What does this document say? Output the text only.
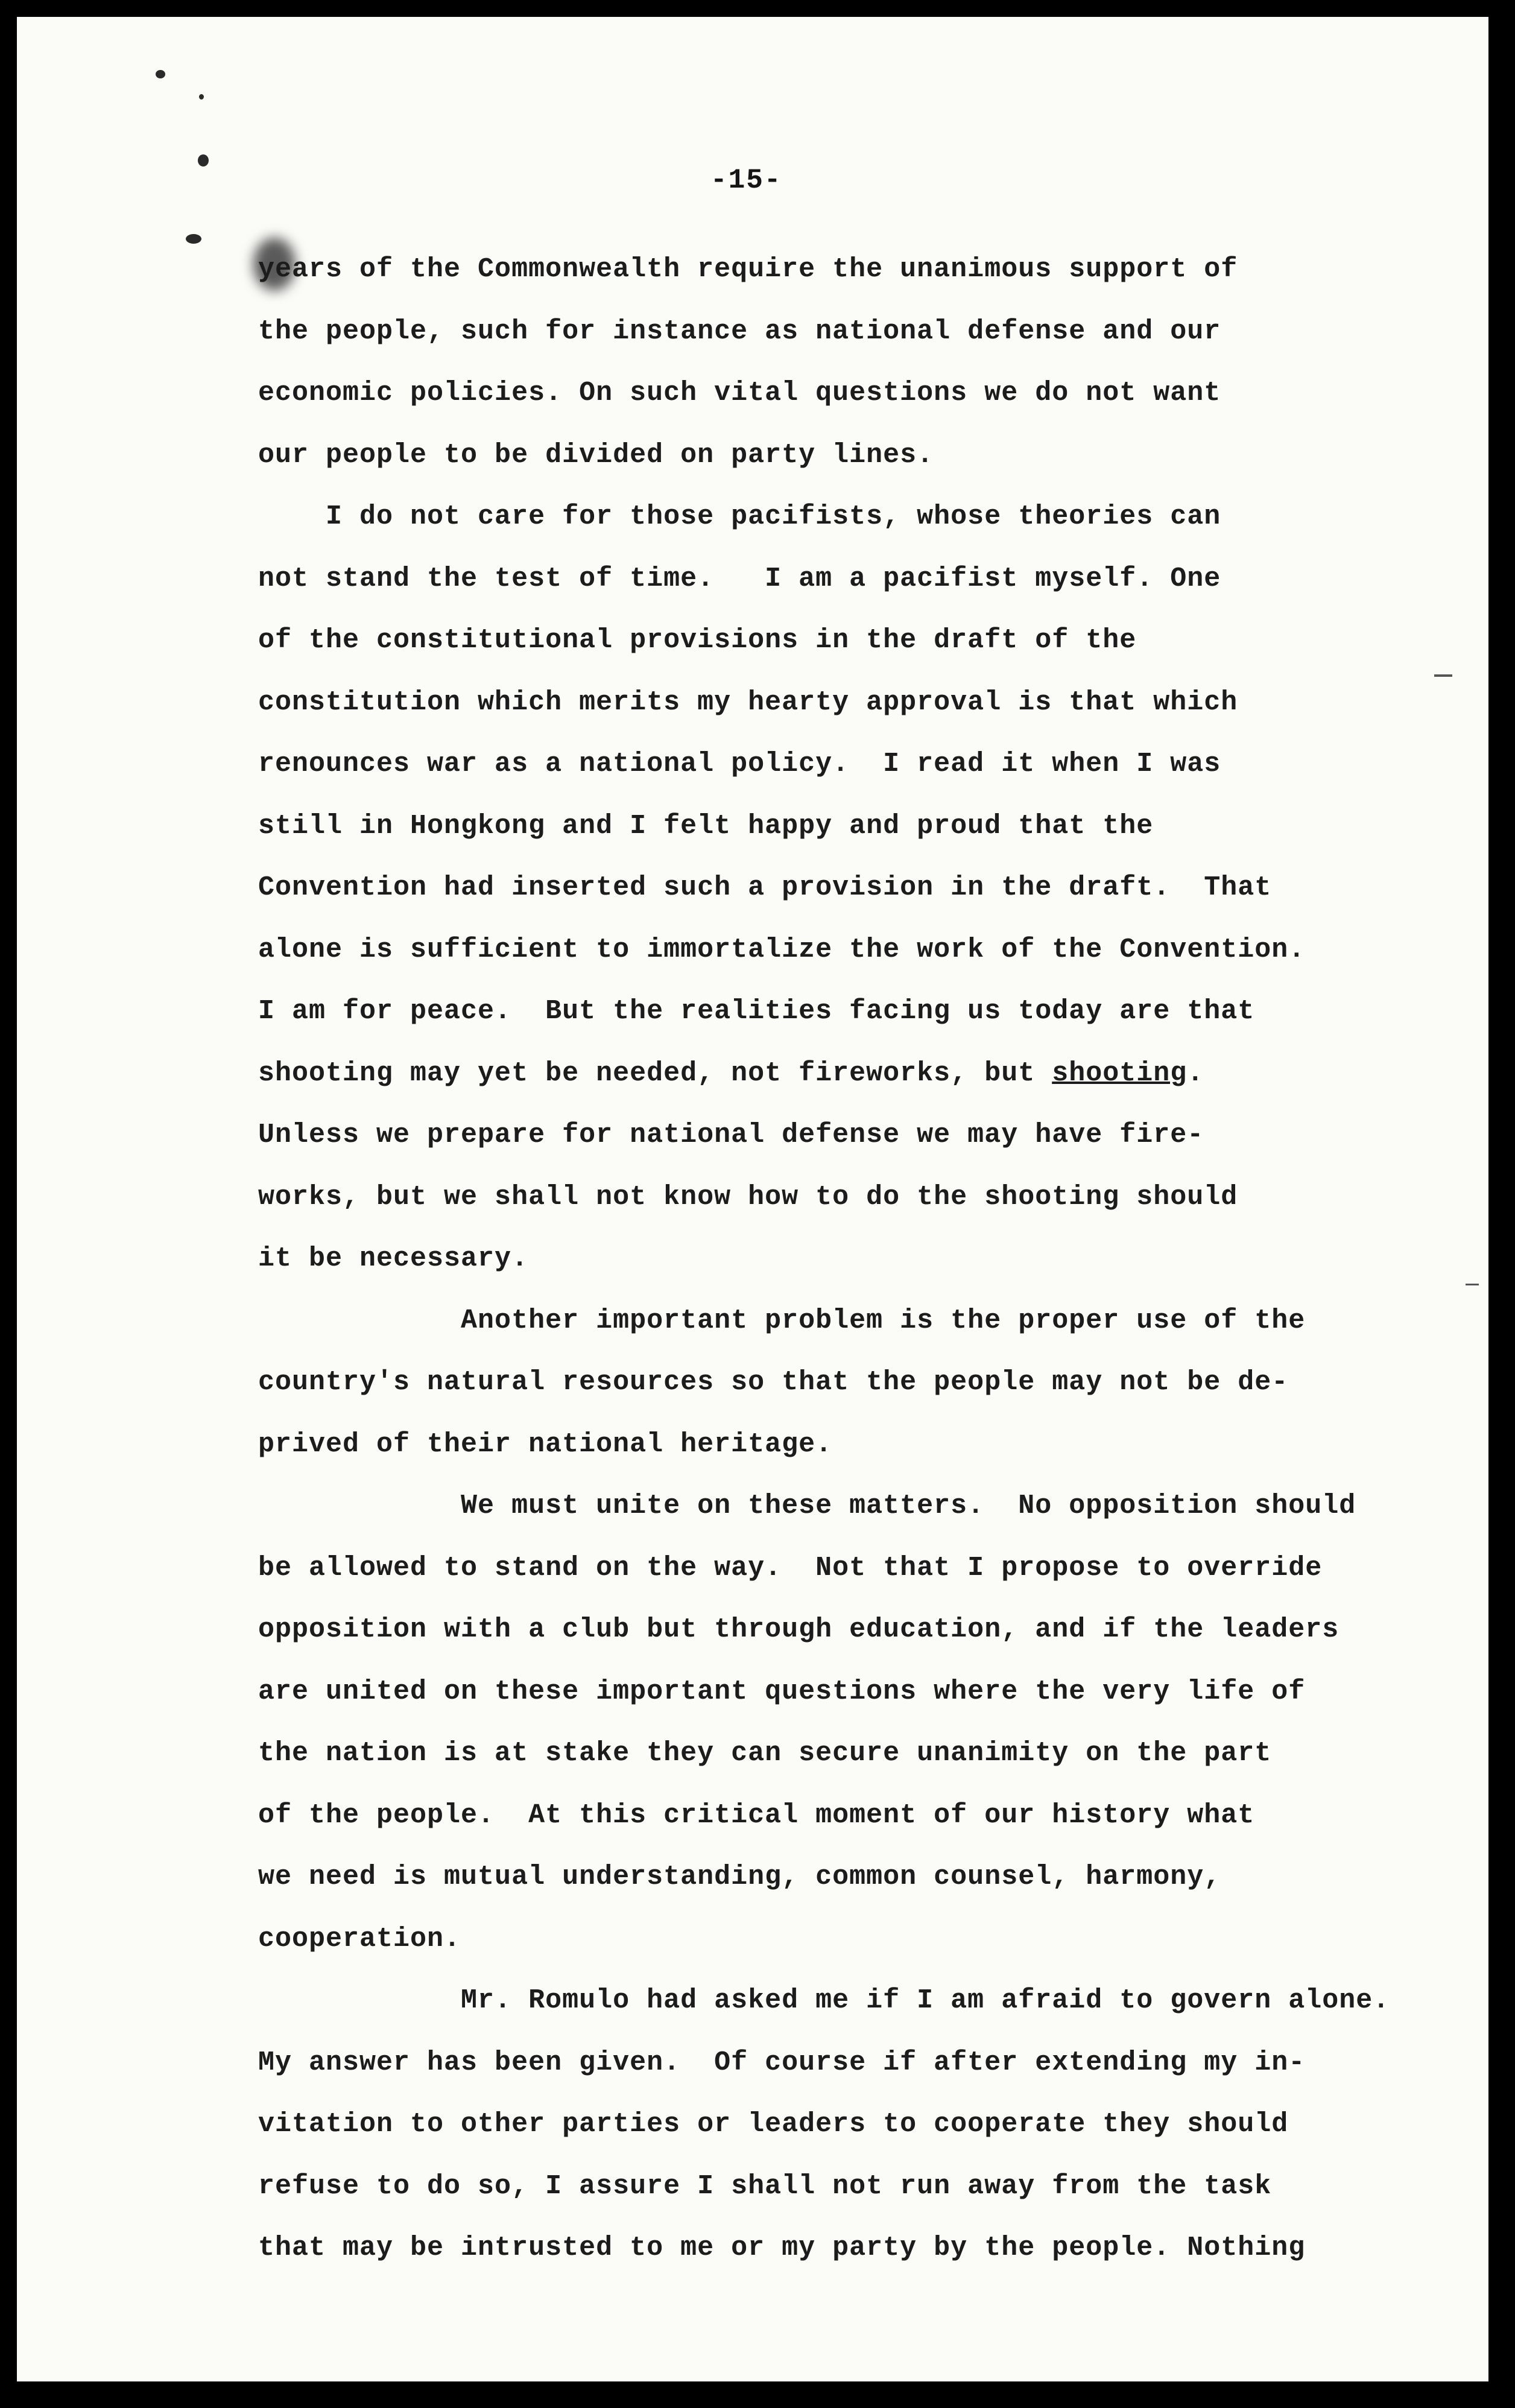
-15-
years of the Commonwealth require the unanimous support of
the people, such for instance as national defense and our
economic policies. On such vital questions we do not want
our people to be divided on party lines.
I do not care for those pacifists, whose theories can
not stand the test of time.   I am a pacifist myself. One
of the constitutional provisions in the draft of the
constitution which merits my hearty approval is that which
renounces war as a national policy.  I read it when I was
still in Hongkong and I felt happy and proud that the
Convention had inserted such a provision in the draft.  That
alone is sufficient to immortalize the work of the Convention.
I am for peace.  But the realities facing us today are that
shooting may yet be needed, not fireworks, but shooting.
Unless we prepare for national defense we may have fire-
works, but we shall not know how to do the shooting should
it be necessary.
Another important problem is the proper use of the
country's natural resources so that the people may not be de-
prived of their national heritage.
We must unite on these matters.  No opposition should
be allowed to stand on the way.  Not that I propose to override
opposition with a club but through education, and if the leaders
are united on these important questions where the very life of
the nation is at stake they can secure unanimity on the part
of the people.  At this critical moment of our history what
we need is mutual understanding, common counsel, harmony,
cooperation.
Mr. Romulo had asked me if I am afraid to govern alone.
My answer has been given.  Of course if after extending my in-
vitation to other parties or leaders to cooperate they should
refuse to do so, I assure I shall not run away from the task
that may be intrusted to me or my party by the people. Nothing
